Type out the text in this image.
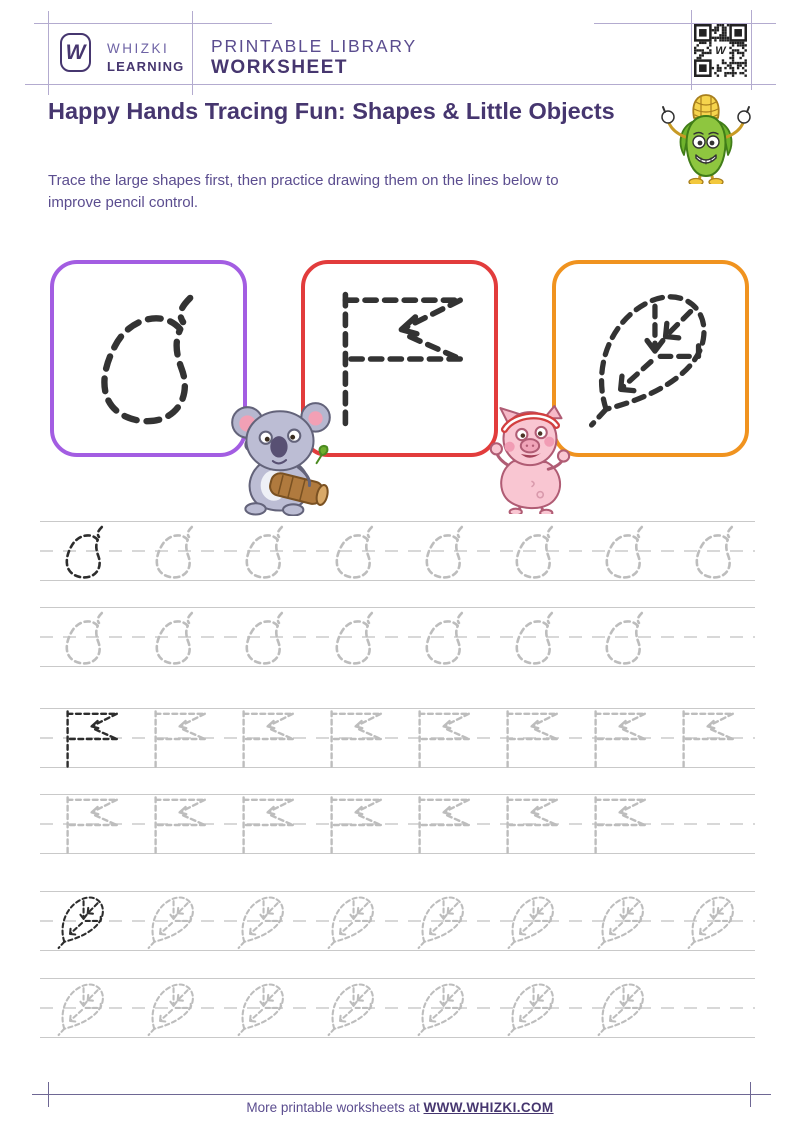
W WHIZKI
LEARNING
PRINTABLE LIBRARY
WORKSHEET
W
Happy Hands Tracing Fun: Shapes & Little Objects

Trace the large shapes first, then practice drawing them on the lines below to improve pencil control.

More printable worksheets at WWW.WHIZKI.COM
